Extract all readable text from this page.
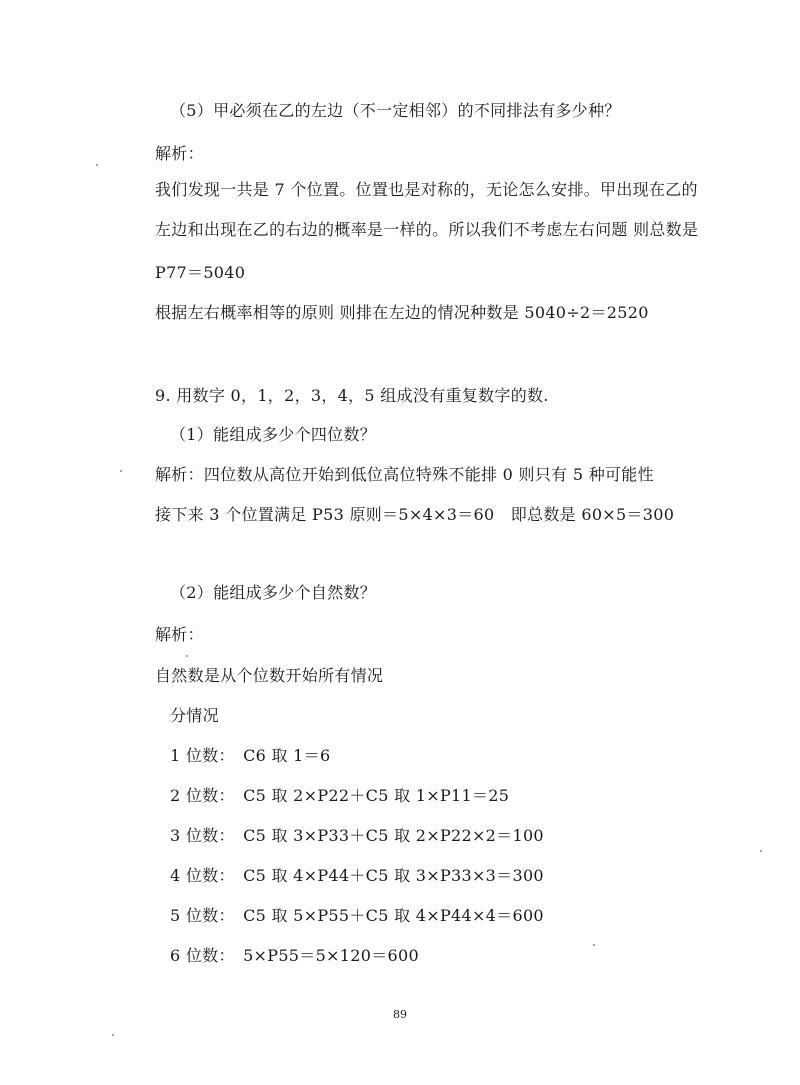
（5）甲必须在乙的左边（不一定相邻）的不同排法有多少种？
解析：
我们发现一共是 7 个位置。位置也是对称的，无论怎么安排。甲出现在乙的
左边和出现在乙的右边的概率是一样的。所以我们不考虑左右问题 则总数是
P77＝5040
根据左右概率相等的原则 则排在左边的情况种数是 5040÷2＝2520
9. 用数字 0，1，2，3，4，5 组成没有重复数字的数.
（1）能组成多少个四位数？
解析：四位数从高位开始到低位高位特殊不能排 0 则只有 5 种可能性
接下来 3 个位置满足 P53 原则＝5×4×3＝60　即总数是 60×5＝300
（2）能组成多少个自然数？
解析：
自然数是从个位数开始所有情况
分情况
1 位数：　C6 取 1＝6
2 位数：　C5 取 2×P22＋C5 取 1×P11＝25
3 位数：　C5 取 3×P33＋C5 取 2×P22×2＝100
4 位数：　C5 取 4×P44＋C5 取 3×P33×3＝300
5 位数：　C5 取 5×P55＋C5 取 4×P44×4＝600
6 位数：　5×P55＝5×120＝600
89
